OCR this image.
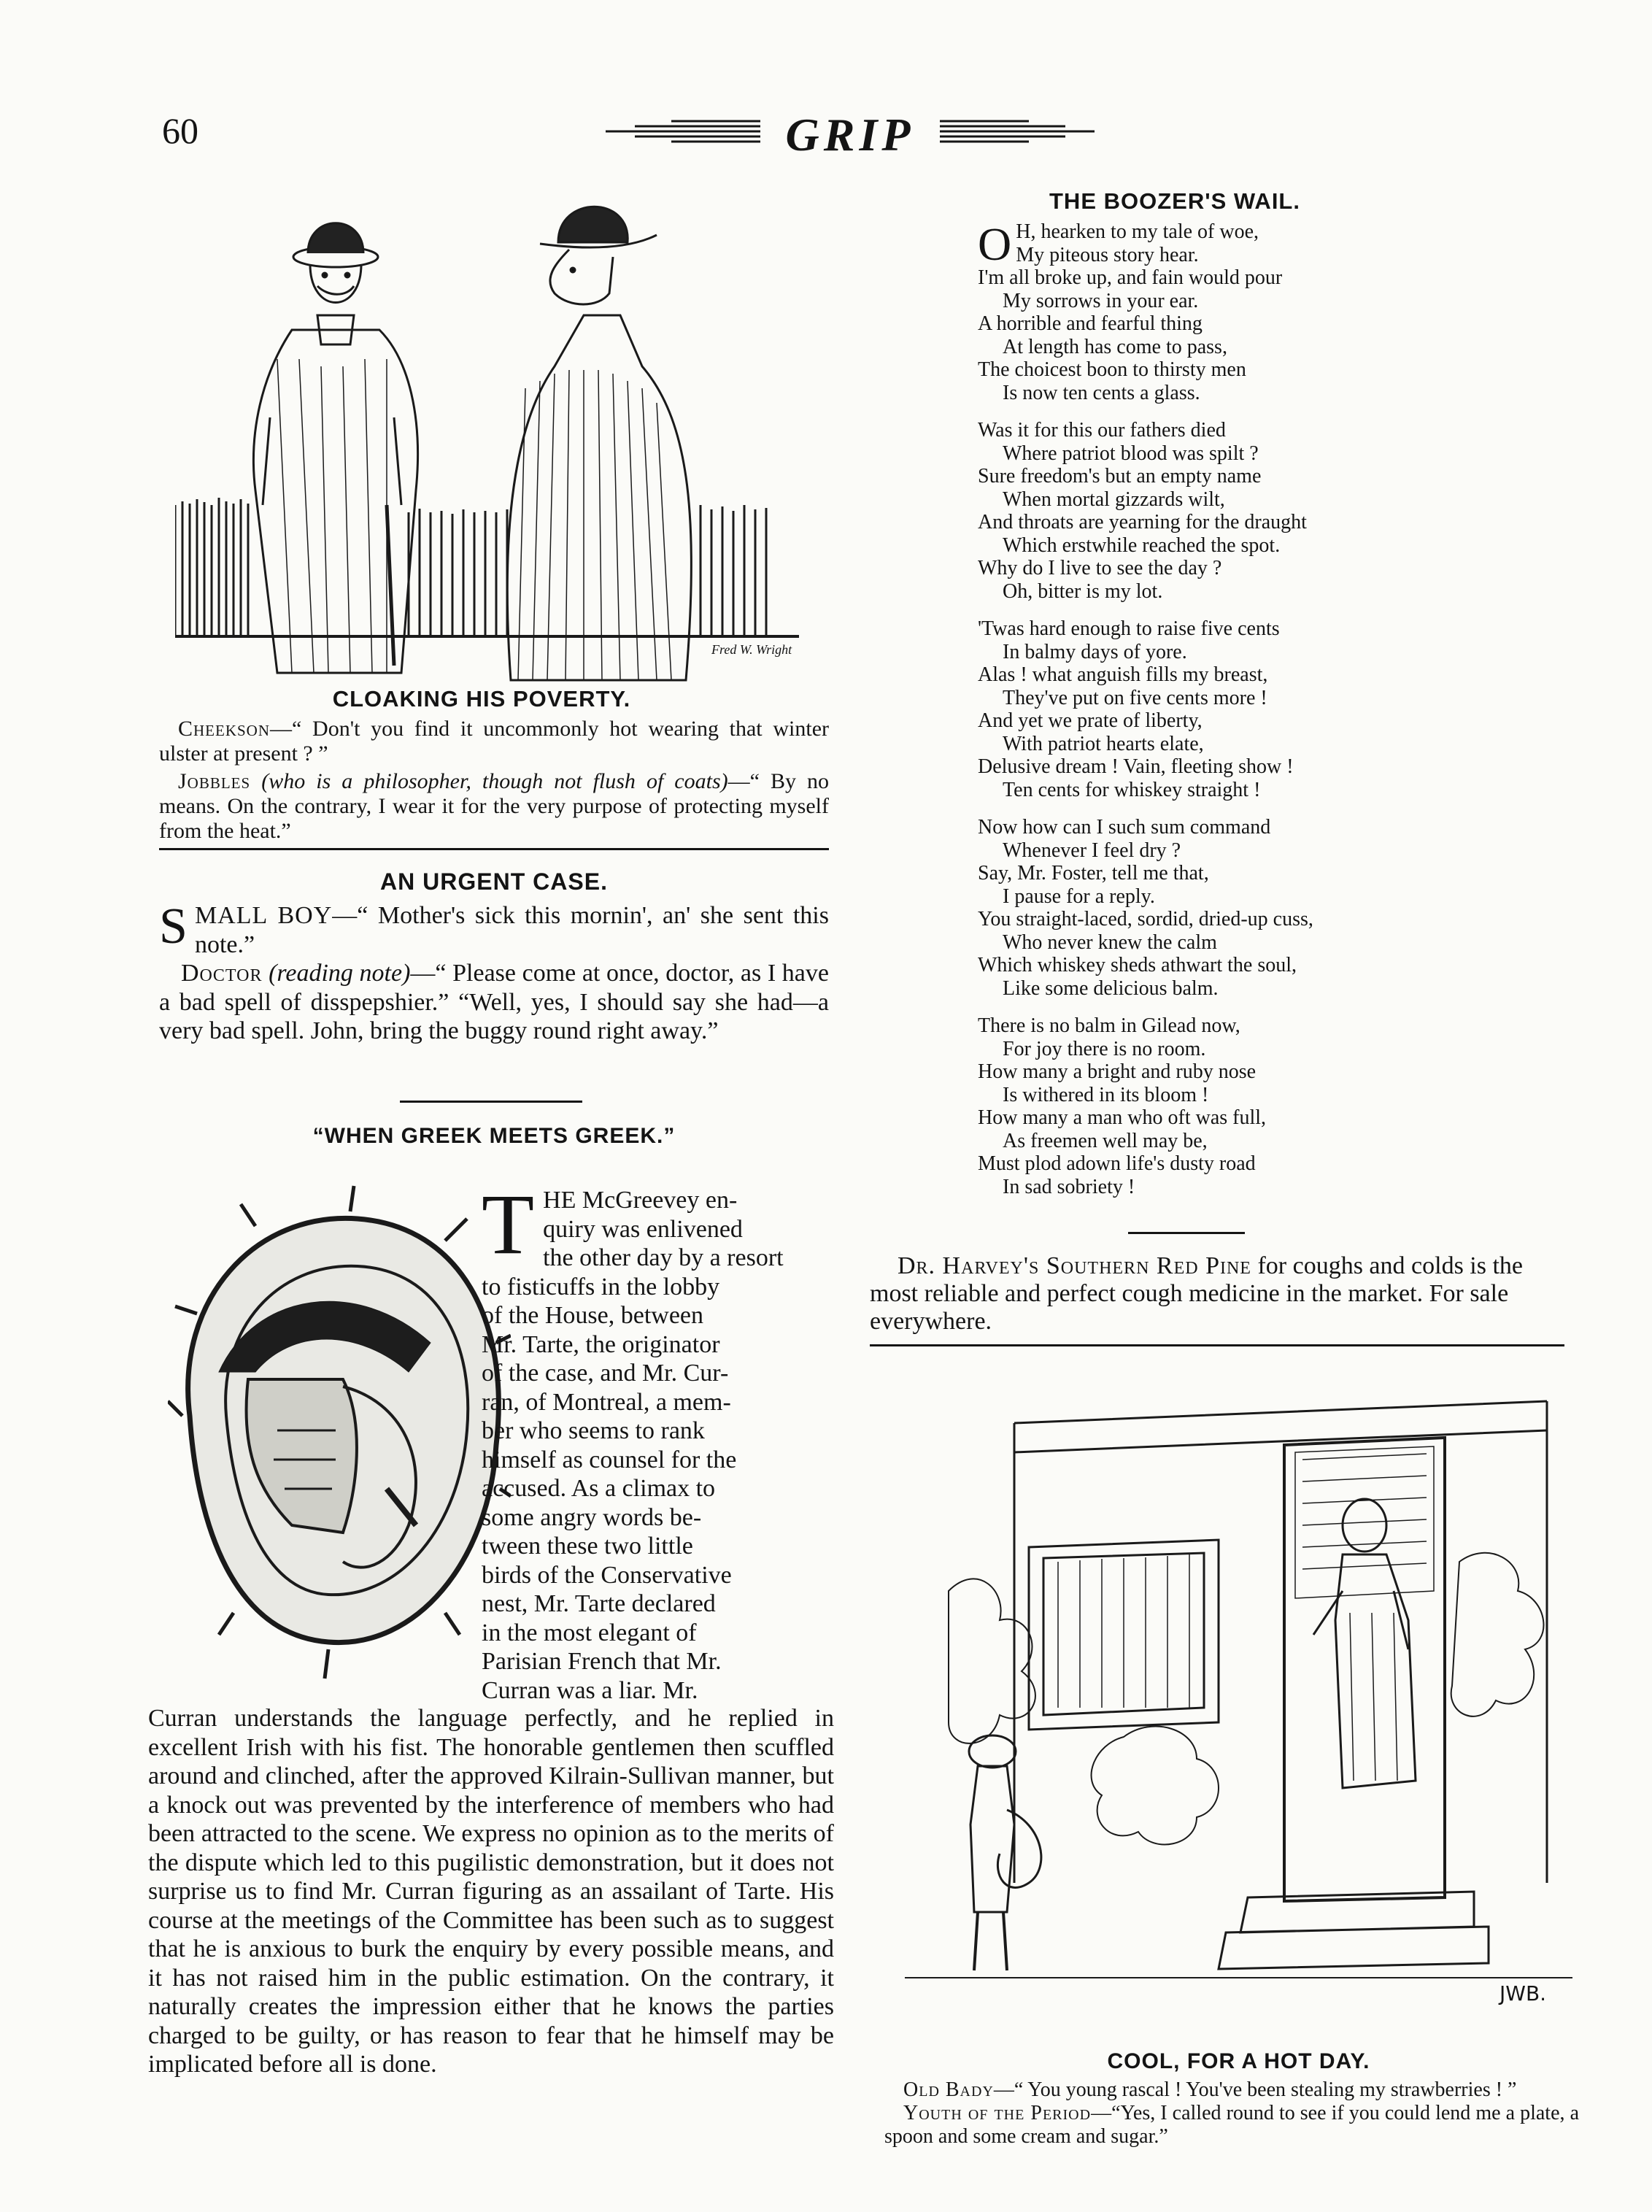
60	GRIP
Fred W. Wright
CLOAKING HIS POVERTY.

Cheekson—“ Don't you find it uncommonly hot wearing that winter ulster at present ? ”

Jobbles (who is a philosopher, though not flush of coats)—“ By no means. On the contrary, I wear it for the very purpose of protecting myself from the heat.”

AN URGENT CASE.
SMALL BOY—“ Mother's sick this mornin', an' she sent this note.”
Doctor (reading note)—“ Please come at once, doctor, as I have a bad spell of disspepshier.” “Well, yes, I should say she had—a very bad spell. John, bring the buggy round right away.”
“WHEN GREEK MEETS GREEK.”
T HE McGreevey en-
quiry was enlivened
the other day by a resort
to fisticuffs in the lobby
of the House, between
Mr. Tarte, the originator
of the case, and Mr. Cur-
ran, of Montreal, a mem-
ber who seems to rank
himself as counsel for the
accused. As a climax to
some angry words be-
tween these two little
birds of the Conservative
nest, Mr. Tarte declared
in the most elegant of
Parisian French that Mr.
Curran was a liar. Mr.
Curran understands the language perfectly, and he replied in excellent Irish with his fist. The honorable gentlemen then scuffled around and clinched, after the approved Kilrain-Sullivan manner, but a knock out was prevented by the interference of members who had been attracted to the scene. We express no opinion as to the merits of the dispute which led to this pugilistic demonstration, but it does not surprise us to find Mr. Curran figuring as an assailant of Tarte. His course at the meetings of the Committee has been such as to suggest that he is anxious to burk the enquiry by every possible means, and it has not raised him in the public estimation. On the contrary, it naturally creates the impression either that he knows the parties charged to be guilty, or has reason to fear that he himself may be implicated before all is done.
THE BOOZER'S WAIL.
O H, hearken to my tale of woe,
My piteous story hear.
I'm all broke up, and fain would pour
My sorrows in your ear.
A horrible and fearful thing
At length has come to pass,
The choicest boon to thirsty men
Is now ten cents a glass.
Was it for this our fathers died
Where patriot blood was spilt ?
Sure freedom's but an empty name
When mortal gizzards wilt,
And throats are yearning for the draught
Which erstwhile reached the spot.
Why do I live to see the day ?
Oh, bitter is my lot.
'Twas hard enough to raise five cents
In balmy days of yore.
Alas ! what anguish fills my breast,
They've put on five cents more !
And yet we prate of liberty,
With patriot hearts elate,
Delusive dream ! Vain, fleeting show !
Ten cents for whiskey straight !
Now how can I such sum command
Whenever I feel dry ?
Say, Mr. Foster, tell me that,
I pause for a reply.
You straight-laced, sordid, dried-up cuss,
Who never knew the calm
Which whiskey sheds athwart the soul,
Like some delicious balm.
There is no balm in Gilead now,
For joy there is no room.
How many a bright and ruby nose
Is withered in its bloom !
How many a man who oft was full,
As freemen well may be,
Must plod adown life's dusty road
In sad sobriety !
Dr. Harvey's Southern Red Pine for coughs and colds is the most reliable and perfect cough medicine in the market. For sale everywhere.
JWB.
COOL, FOR A HOT DAY.

Old Bady—“ You young rascal ! You've been stealing my strawberries ! ”

Youth of the Period—“Yes, I called round to see if you could lend me a plate, a spoon and some cream and sugar.”
